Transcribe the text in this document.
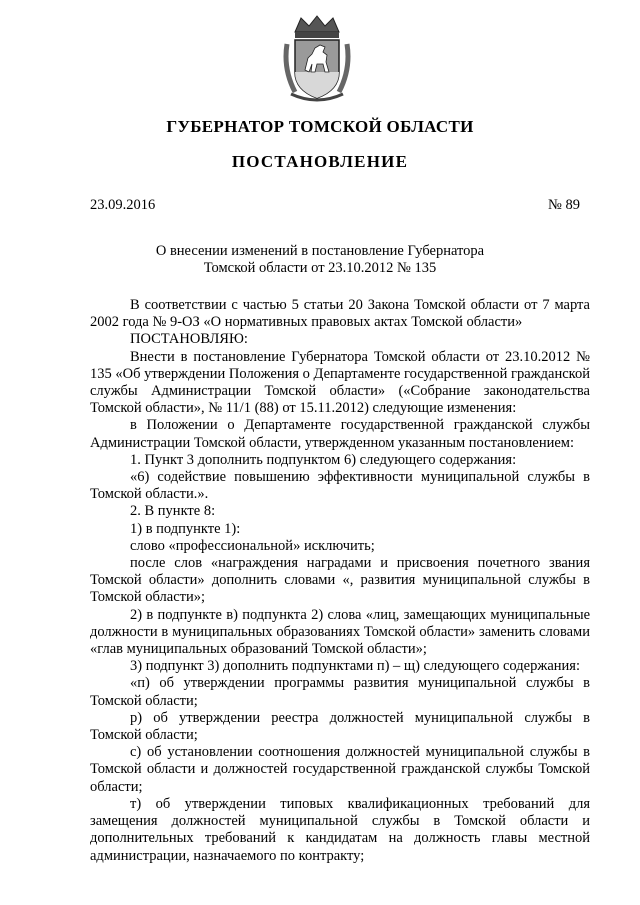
ГУБЕРНАТОР ТОМСКОЙ ОБЛАСТИ
ПОСТАНОВЛЕНИЕ
23.09.2016	№ 89
О внесении изменений в постановление Губернатора
Томской области от 23.10.2012 № 135

В соответствии с частью 5 статьи 20 Закона Томской области от 7 марта 2002 года № 9-ОЗ «О нормативных правовых актах Томской области»

ПОСТАНОВЛЯЮ:

Внести в постановление Губернатора Томской области от 23.10.2012 № 135 «Об утверждении Положения о Департаменте государственной гражданской службы Администрации Томской области» («Собрание законодательства Томской области», № 11/1 (88) от 15.11.2012) следующие изменения:

в Положении о Департаменте государственной гражданской службы Администрации Томской области, утвержденном указанным постановлением:

1. Пункт 3 дополнить подпунктом 6) следующего содержания:

«6) содействие повышению эффективности муниципальной службы в Томской области.».

2. В пункте 8:

1) в подпункте 1):

слово «профессиональной» исключить;

после слов «награждения наградами и присвоения почетного звания Томской области» дополнить словами «, развития муниципальной службы в Томской области»;

2) в подпункте в) подпункта 2) слова «лиц, замещающих муниципальные должности в муниципальных образованиях Томской области» заменить словами «глав муниципальных образований Томской области»;

3) подпункт 3) дополнить подпунктами п) – щ) следующего содержания:

«п) об утверждении программы развития муниципальной службы в Томской области;

р) об утверждении реестра должностей муниципальной службы в Томской области;

с) об установлении соотношения должностей муниципальной службы в Томской области и должностей государственной гражданской службы Томской области;

т) об утверждении типовых квалификационных требований для замещения должностей муниципальной службы в Томской области и дополнительных требований к кандидатам на должность главы местной администрации, назначаемого по контракту;
